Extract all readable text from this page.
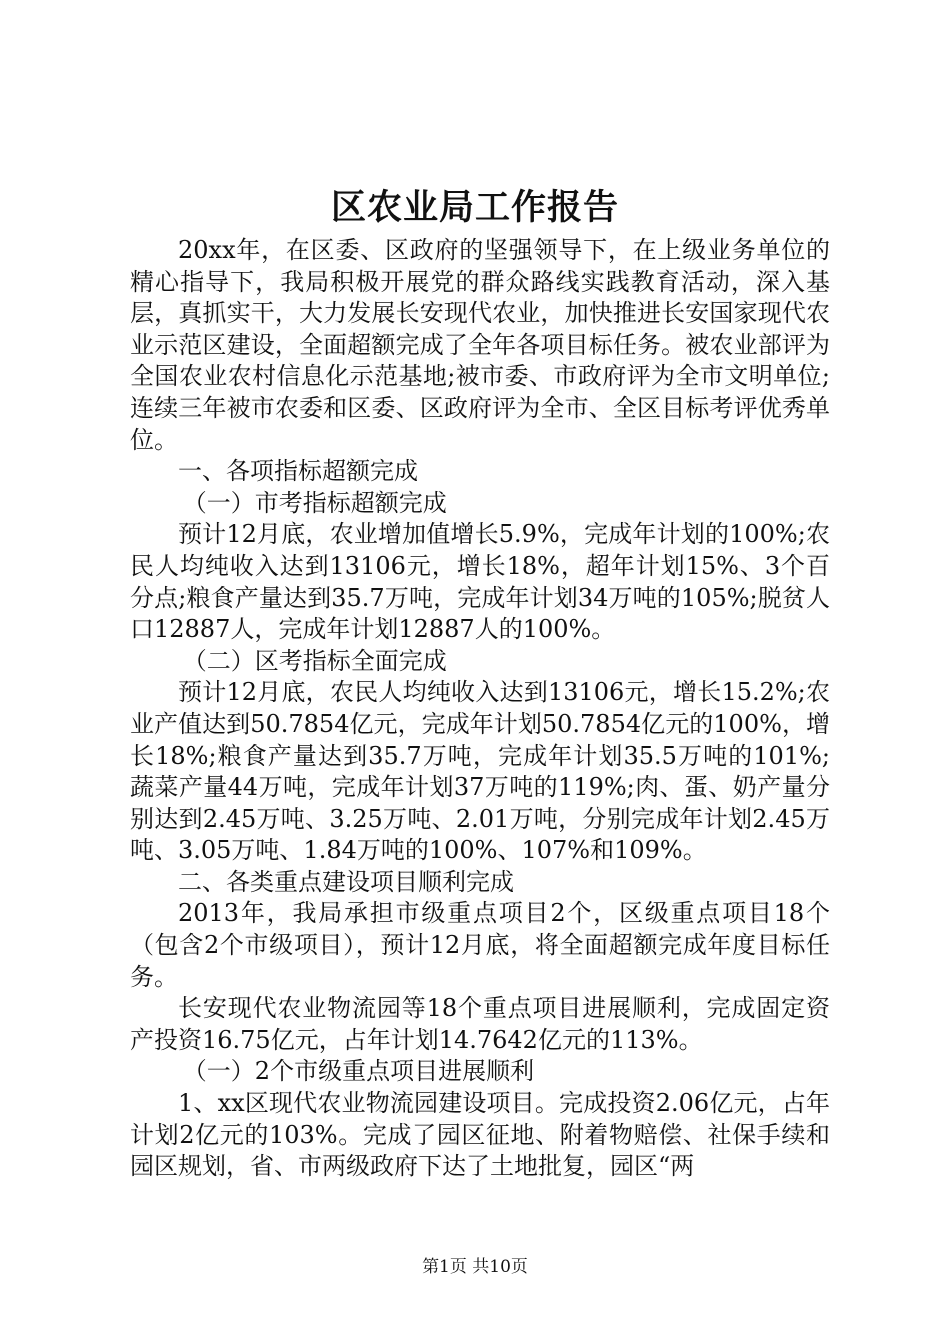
区农业局工作报告

20xx年，在区委、区政府的坚强领导下，在上级业务单位的精心指导下，我局积极开展党的群众路线实践教育活动，深入基层，真抓实干，大力发展长安现代农业，加快推进长安国家现代农业示范区建设，全面超额完成了全年各项目标任务。被农业部评为全国农业农村信息化示范基地;被市委、市政府评为全市文明单位;连续三年被市农委和区委、区政府评为全市、全区目标考评优秀单位。

一、各项指标超额完成

（一）市考指标超额完成

预计12月底，农业增加值增长5.9%，完成年计划的100%;农民人均纯收入达到13106元，增长18%，超年计划15%、3个百分点;粮食产量达到35.7万吨，完成年计划34万吨的105%;脱贫人口12887人，完成年计划12887人的100%。

（二）区考指标全面完成

预计12月底，农民人均纯收入达到13106元，增长15.2%;农业产值达到50.7854亿元，完成年计划50.7854亿元的100%，增长18%;粮食产量达到35.7万吨，完成年计划35.5万吨的101%;蔬菜产量44万吨，完成年计划37万吨的119%;肉、蛋、奶产量分别达到2.45万吨、3.25万吨、2.01万吨，分别完成年计划2.45万吨、3.05万吨、1.84万吨的100%、107%和109%。

二、各类重点建设项目顺利完成

2013年，我局承担市级重点项目2个，区级重点项目18个（包含2个市级项目），预计12月底，将全面超额完成年度目标任务。

长安现代农业物流园等18个重点项目进展顺利，完成固定资产投资16.75亿元，占年计划14.7642亿元的113%。

（一）2个市级重点项目进展顺利

1、xx区现代农业物流园建设项目。完成投资2.06亿元，占年计划2亿元的103%。完成了园区征地、附着物赔偿、社保手续和园区规划，省、市两级政府下达了土地批复，园区“两

第1页 共10页
